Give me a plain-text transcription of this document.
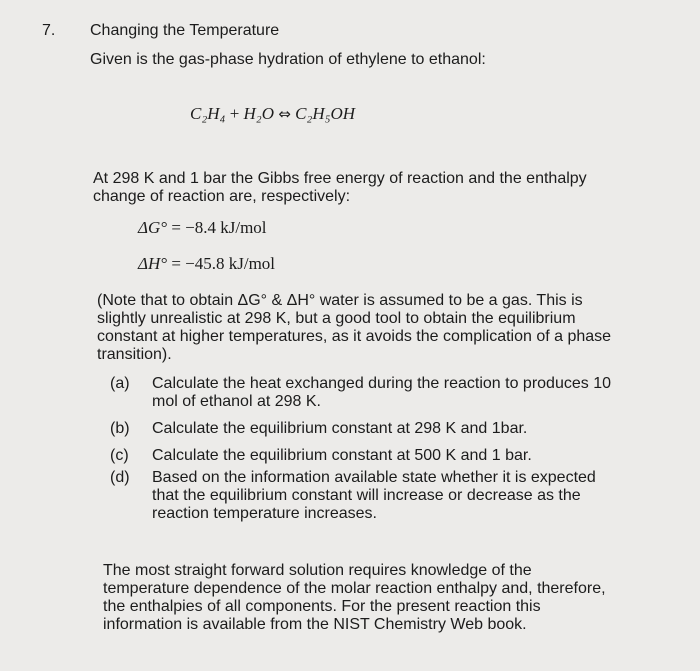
7. Changing the Temperature
Given is the gas-phase hydration of ethylene to ethanol:
C₂H₄ + H₂O ⇔ C₂H₅OH
At 298 K and 1 bar the Gibbs free energy of reaction and the enthalpy
change of reaction are, respectively:
ΔG° = −8.4 kJ/mol
ΔH° = −45.8 kJ/mol
(Note that to obtain ΔG° & ΔH° water is assumed to be a gas. This is
slightly unrealistic at 298 K, but a good tool to obtain the equilibrium
constant at higher temperatures, as it avoids the complication of a phase
transition).
(a) Calculate the heat exchanged during the reaction to produces 10
mol of ethanol at 298 K.
(b) Calculate the equilibrium constant at 298 K and 1bar.
(c) Calculate the equilibrium constant at 500 K and 1 bar.
(d) Based on the information available state whether it is expected
that the equilibrium constant will increase or decrease as the
reaction temperature increases.
The most straight forward solution requires knowledge of the
temperature dependence of the molar reaction enthalpy and, therefore,
the enthalpies of all components. For the present reaction this
information is available from the NIST Chemistry Web book.
